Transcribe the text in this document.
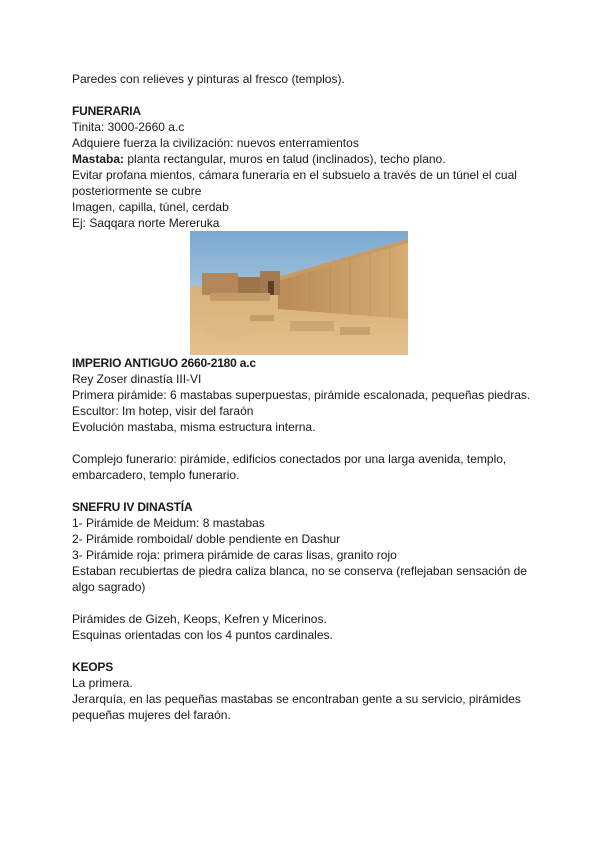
Paredes con relieves y pinturas al fresco (templos).
FUNERARIA
Tinita: 3000-2660 a.c
Adquiere fuerza la civilización: nuevos enterramientos
Mastaba: planta rectangular, muros en talud (inclinados), techo plano.
Evitar profana mientos, cámara funeraria en el subsuelo a través de un túnel el cual posteriormente se cubre
Imagen, capilla, túnel, cerdab
Ej: Saqqara norte Mereruka
IMPERIO ANTIGUO 2660-2180 a.c
Rey Zoser dinastía III-VI
Primera pirámide: 6 mastabas superpuestas, pirámide escalonada, pequeñas piedras.
Escultor: Im hotep, visir del faraón
Evolución mastaba, misma estructura interna.
Complejo funerario: pirámide, edificios conectados por una larga avenida, templo, embarcadero, templo funerario.
SNEFRU IV DINASTÍA
1- Pirámide de Meidum: 8 mastabas
2- Pirámide romboidal/ doble pendiente en Dashur
3- Pirámide roja: primera pirámide de caras lisas, granito rojo
Estaban recubiertas de piedra caliza blanca, no se conserva (reflejaban sensación de algo sagrado)
Pirámides de Gizeh, Keops, Kefren y Micerinos.
Esquinas orientadas con los 4 puntos cardinales.
KEOPS
La primera.
Jerarquía, en las pequeñas mastabas se encontraban gente a su servicio, pirámides pequeñas mujeres del faraón.
